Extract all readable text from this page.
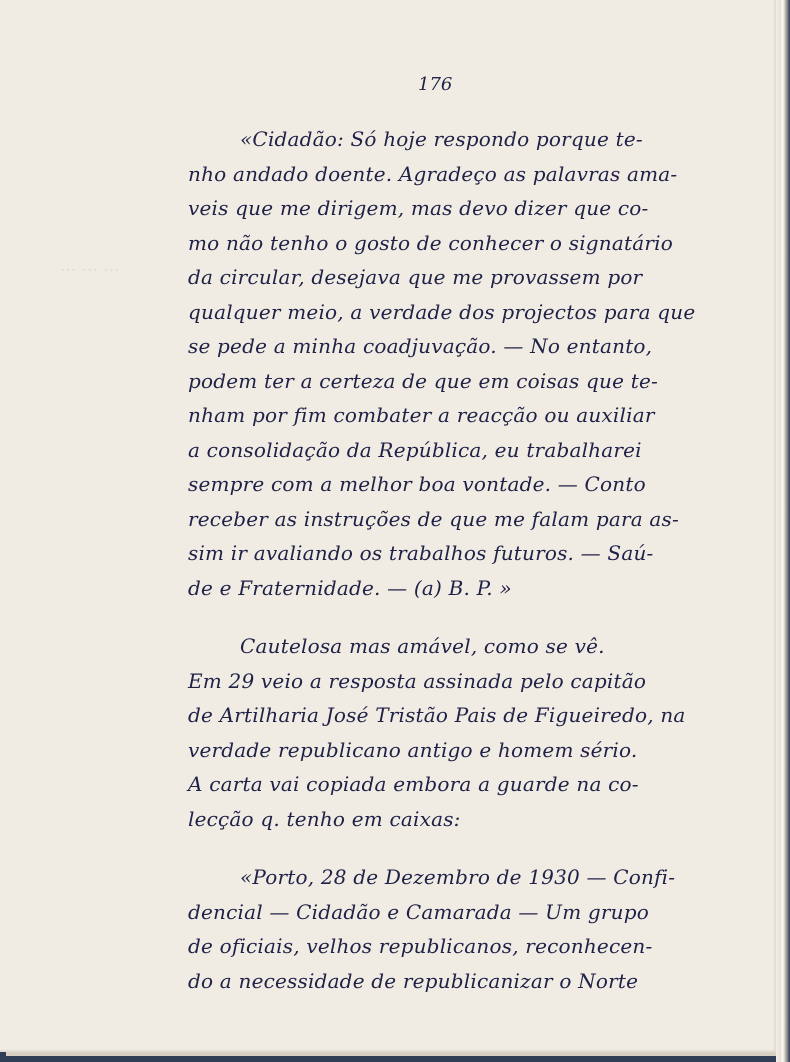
··· ··· ···
176
«Cidadão: Só hoje respondo porque te-
nho andado doente. Agradeço as palavras ama-
veis que me dirigem, mas devo dizer que co-
mo não tenho o gosto de conhecer o signatário
da circular, desejava que me provassem por
qualquer meio, a verdade dos projectos para que
se pede a minha coadjuvação. — No entanto,
podem ter a certeza de que em coisas que te-
nham por fim combater a reacção ou auxiliar
a consolidação da República, eu trabalharei
sempre com a melhor boa vontade. — Conto
receber as instruções de que me falam para as-
sim ir avaliando os trabalhos futuros. — Saú-
de e Fraternidade. — (a) B. P. »
Cautelosa mas amável, como se vê.
Em 29 veio a resposta assinada pelo capitão
de Artilharia José Tristão Pais de Figueiredo, na
verdade republicano antigo e homem sério.
A carta vai copiada embora a guarde na co-
lecção q. tenho em caixas:
«Porto, 28 de Dezembro de 1930 — Confi-
dencial — Cidadão e Camarada — Um grupo
de oficiais, velhos republicanos, reconhecen-
do a necessidade de republicanizar o Norte
